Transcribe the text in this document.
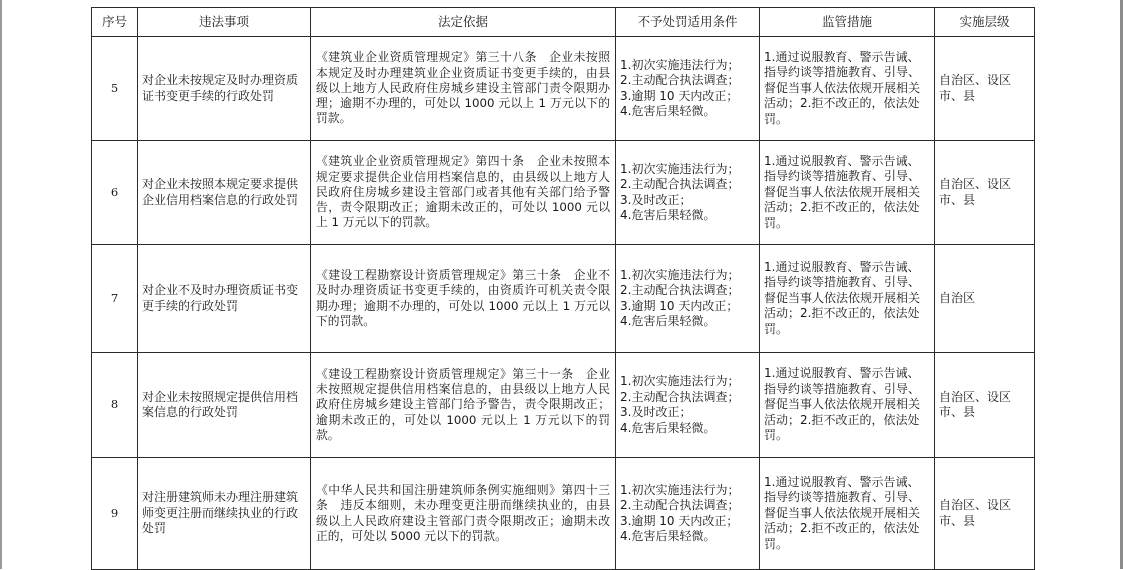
序号	违法事项	法定依据	不予处罚适用条件	监管措施	实施层级
5	对企业未按规定及时办理资质证书变更手续的行政处罚	《建筑业企业资质管理规定》第三十八条　企业未按照本规定及时办理建筑业企业资质证书变更手续的，由县级以上地方人民政府住房城乡建设主管部门责令限期办理；逾期不办理的，可处以 1000 元以上 1 万元以下的罚款。	1.初次实施违法行为；
2.主动配合执法调查；
3.逾期 10 天内改正；
4.危害后果轻微。	1.通过说服教育、警示告诫、指导约谈等措施教育、引导、督促当事人依法依规开展相关活动；2.拒不改正的，依法处罚。	自治区、设区市、县
6	对企业未按照本规定要求提供企业信用档案信息的行政处罚	《建筑业企业资质管理规定》第四十条　企业未按照本规定要求提供企业信用档案信息的，由县级以上地方人民政府住房城乡建设主管部门或者其他有关部门给予警告，责令限期改正；逾期未改正的，可处以 1000 元以上 1 万元以下的罚款。	1.初次实施违法行为；
2.主动配合执法调查；
3.及时改正；
4.危害后果轻微。	1.通过说服教育、警示告诫、指导约谈等措施教育、引导、督促当事人依法依规开展相关活动；2.拒不改正的，依法处罚。	自治区、设区市、县
7	对企业不及时办理资质证书变更手续的行政处罚	《建设工程勘察设计资质管理规定》第三十条　企业不及时办理资质证书变更手续的，由资质许可机关责令限期办理；逾期不办理的，可处以 1000 元以上 1 万元以下的罚款。	1.初次实施违法行为；
2.主动配合执法调查；
3.逾期 10 天内改正；
4.危害后果轻微。	1.通过说服教育、警示告诫、指导约谈等措施教育、引导、督促当事人依法依规开展相关活动；2.拒不改正的，依法处罚。	自治区
8	对企业未按照规定提供信用档案信息的行政处罚	《建设工程勘察设计资质管理规定》第三十一条　企业未按照规定提供信用档案信息的，由县级以上地方人民政府住房城乡建设主管部门给予警告，责令限期改正；逾期未改正的，可处以 1000 元以上 1 万元以下的罚款。	1.初次实施违法行为；
2.主动配合执法调查；
3.及时改正；
4.危害后果轻微。	1.通过说服教育、警示告诫、指导约谈等措施教育、引导、督促当事人依法依规开展相关活动；2.拒不改正的，依法处罚。	自治区、设区市、县
9	对注册建筑师未办理注册建筑师变更注册而继续执业的行政处罚	《中华人民共和国注册建筑师条例实施细则》第四十三条　违反本细则，未办理变更注册而继续执业的，由县级以上人民政府建设主管部门责令限期改正；逾期未改正的，可处以 5000 元以下的罚款。	1.初次实施违法行为；
2.主动配合执法调查；
3.逾期 10 天内改正；
4.危害后果轻微。	1.通过说服教育、警示告诫、指导约谈等措施教育、引导、督促当事人依法依规开展相关活动；2.拒不改正的，依法处罚。	自治区、设区市、县
